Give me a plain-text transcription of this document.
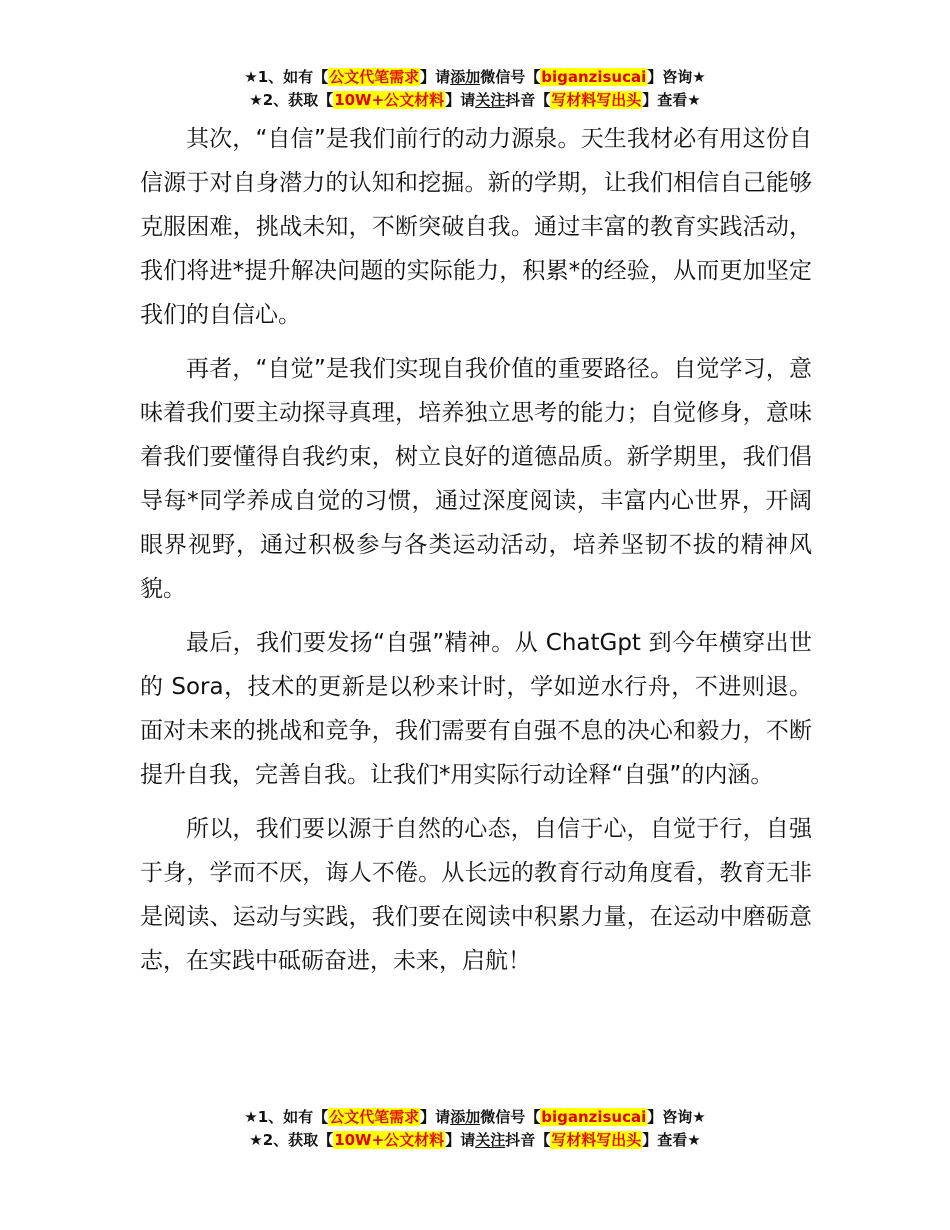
★1、如有【公文代笔需求】请添加微信号【biganzisucai】咨询★
★2、获取【10W+公文材料】请关注抖音【写材料写出头】查看★

其次，“自信”是我们前行的动力源泉。天生我材必有用这份自信源于对自身潜力的认知和挖掘。新的学期，让我们相信自己能够克服困难，挑战未知，不断突破自我。通过丰富的教育实践活动，我们将进*提升解决问题的实际能力，积累*的经验，从而更加坚定我们的自信心。

再者，“自觉”是我们实现自我价值的重要路径。自觉学习，意味着我们要主动探寻真理，培养独立思考的能力；自觉修身，意味着我们要懂得自我约束，树立良好的道德品质。新学期里，我们倡导每*同学养成自觉的习惯，通过深度阅读，丰富内心世界，开阔眼界视野，通过积极参与各类运动活动，培养坚韧不拔的精神风貌。

最后，我们要发扬“自强”精神。从 ChatGpt 到今年横穿出世的 Sora，技术的更新是以秒来计时，学如逆水行舟，不进则退。面对未来的挑战和竞争，我们需要有自强不息的决心和毅力，不断提升自我，完善自我。让我们*用实际行动诠释“自强”的内涵。

所以，我们要以源于自然的心态，自信于心，自觉于行，自强于身，学而不厌，诲人不倦。从长远的教育行动角度看，教育无非是阅读、运动与实践，我们要在阅读中积累力量，在运动中磨砺意志，在实践中砥砺奋进，未来，启航！

★1、如有【公文代笔需求】请添加微信号【biganzisucai】咨询★
★2、获取【10W+公文材料】请关注抖音【写材料写出头】查看★
